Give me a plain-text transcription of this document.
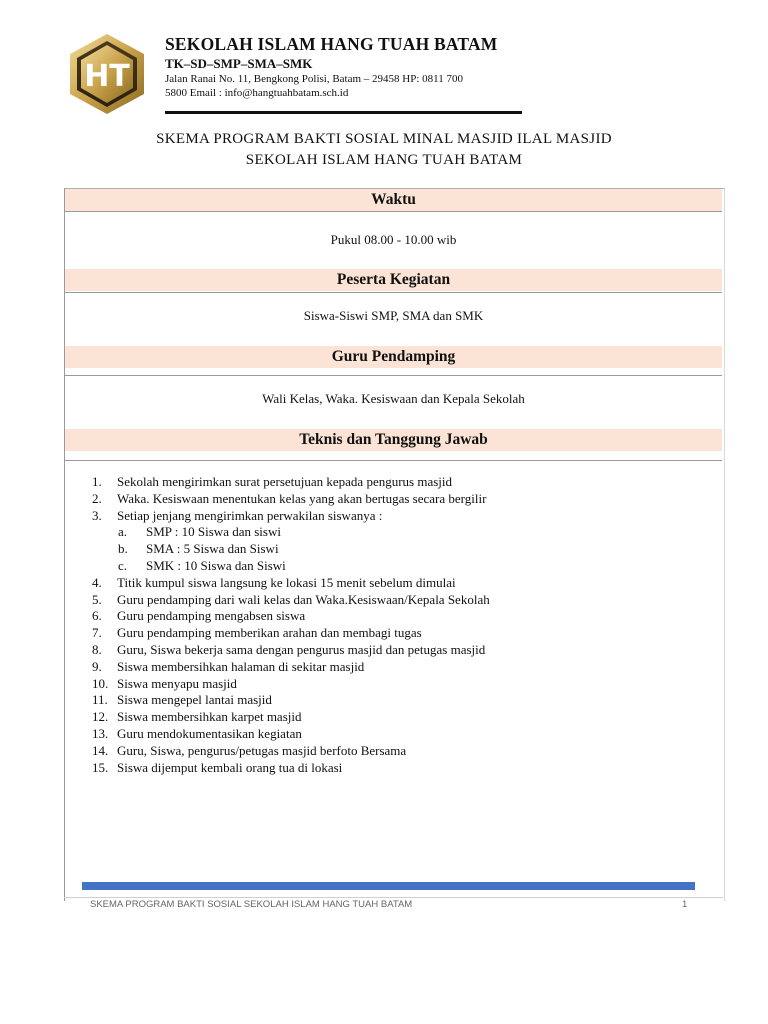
HT
SEKOLAH ISLAM HANG TUAH BATAM
TK–SD–SMP–SMA–SMK
Jalan Ranai No. 11, Bengkong Polisi, Batam – 29458 HP: 0811 700
5800 Email : info@hangtuahbatam.sch.id
SKEMA PROGRAM BAKTI SOSIAL MINAL MASJID ILAL MASJID
SEKOLAH ISLAM HANG TUAH BATAM
Waktu
Pukul 08.00 - 10.00 wib
Peserta Kegiatan
Siswa-Siswi SMP, SMA dan SMK
Guru Pendamping
Wali Kelas, Waka. Kesiswaan dan Kepala Sekolah
Teknis dan Tanggung Jawab
1. Sekolah mengirimkan surat persetujuan kepada pengurus masjid
2. Waka. Kesiswaan menentukan kelas yang akan bertugas secara bergilir
3. Setiap jenjang mengirimkan perwakilan siswanya :
a. SMP : 10 Siswa dan siswi
b. SMA : 5 Siswa dan Siswi
c. SMK : 10 Siswa dan Siswi
4. Titik kumpul siswa langsung ke lokasi 15 menit sebelum dimulai
5. Guru pendamping dari wali kelas dan Waka.Kesiswaan/Kepala Sekolah
6. Guru pendamping mengabsen siswa
7. Guru pendamping memberikan arahan dan membagi tugas
8. Guru, Siswa bekerja sama dengan pengurus masjid dan petugas masjid
9. Siswa membersihkan halaman di sekitar masjid
10. Siswa menyapu masjid
11. Siswa mengepel lantai masjid
12. Siswa membersihkan karpet masjid
13. Guru mendokumentasikan kegiatan
14. Guru, Siswa, pengurus/petugas masjid berfoto Bersama
15. Siswa dijemput kembali orang tua di lokasi
SKEMA PROGRAM BAKTI SOSIAL SEKOLAH ISLAM HANG TUAH BATAM	1
